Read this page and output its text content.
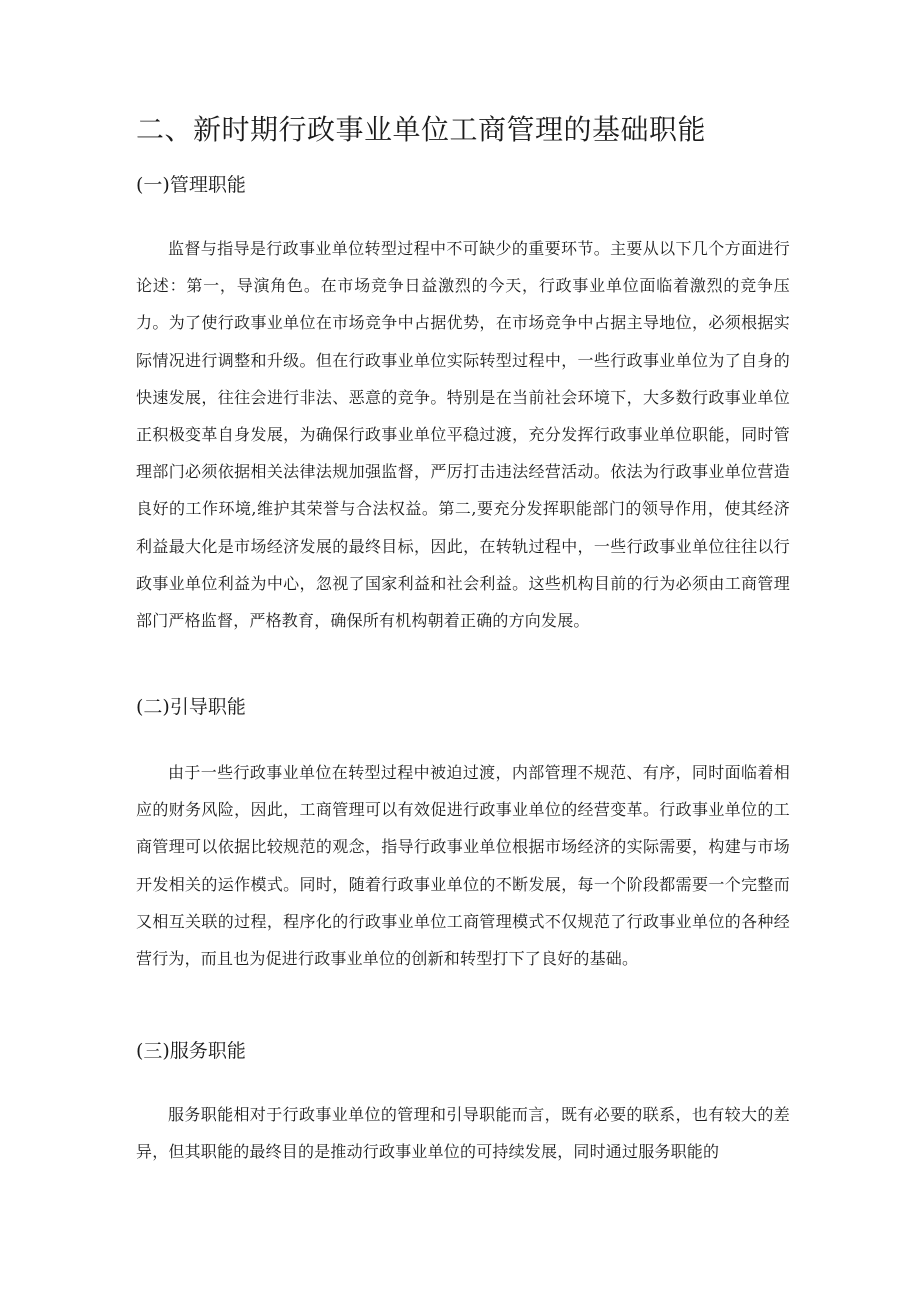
二、新时期行政事业单位工商管理的基础职能
(一)管理职能

监督与指导是行政事业单位转型过程中不可缺少的重要环节。主要从以下几个方面进行论述：第一，导演角色。在市场竞争日益激烈的今天，行政事业单位面临着激烈的竞争压力。为了使行政事业单位在市场竞争中占据优势，在市场竞争中占据主导地位，必须根据实际情况进行调整和升级。但在行政事业单位实际转型过程中，一些行政事业单位为了自身的快速发展，往往会进行非法、恶意的竞争。特别是在当前社会环境下，大多数行政事业单位正积极变革自身发展，为确保行政事业单位平稳过渡，充分发挥行政事业单位职能，同时管理部门必须依据相关法律法规加强监督，严厉打击违法经营活动。依法为行政事业单位营造良好的工作环境,维护其荣誉与合法权益。第二,要充分发挥职能部门的领导作用，使其经济利益最大化是市场经济发展的最终目标，因此，在转轨过程中，一些行政事业单位往往以行政事业单位利益为中心，忽视了国家利益和社会利益。这些机构目前的行为必须由工商管理部门严格监督，严格教育，确保所有机构朝着正确的方向发展。

(二)引导职能

由于一些行政事业单位在转型过程中被迫过渡，内部管理不规范、有序，同时面临着相应的财务风险，因此，工商管理可以有效促进行政事业单位的经营变革。行政事业单位的工商管理可以依据比较规范的观念，指导行政事业单位根据市场经济的实际需要，构建与市场开发相关的运作模式。同时，随着行政事业单位的不断发展，每一个阶段都需要一个完整而又相互关联的过程，程序化的行政事业单位工商管理模式不仅规范了行政事业单位的各种经营行为，而且也为促进行政事业单位的创新和转型打下了良好的基础。

(三)服务职能

服务职能相对于行政事业单位的管理和引导职能而言，既有必要的联系，也有较大的差异，但其职能的最终目的是推动行政事业单位的可持续发展，同时通过服务职能的
